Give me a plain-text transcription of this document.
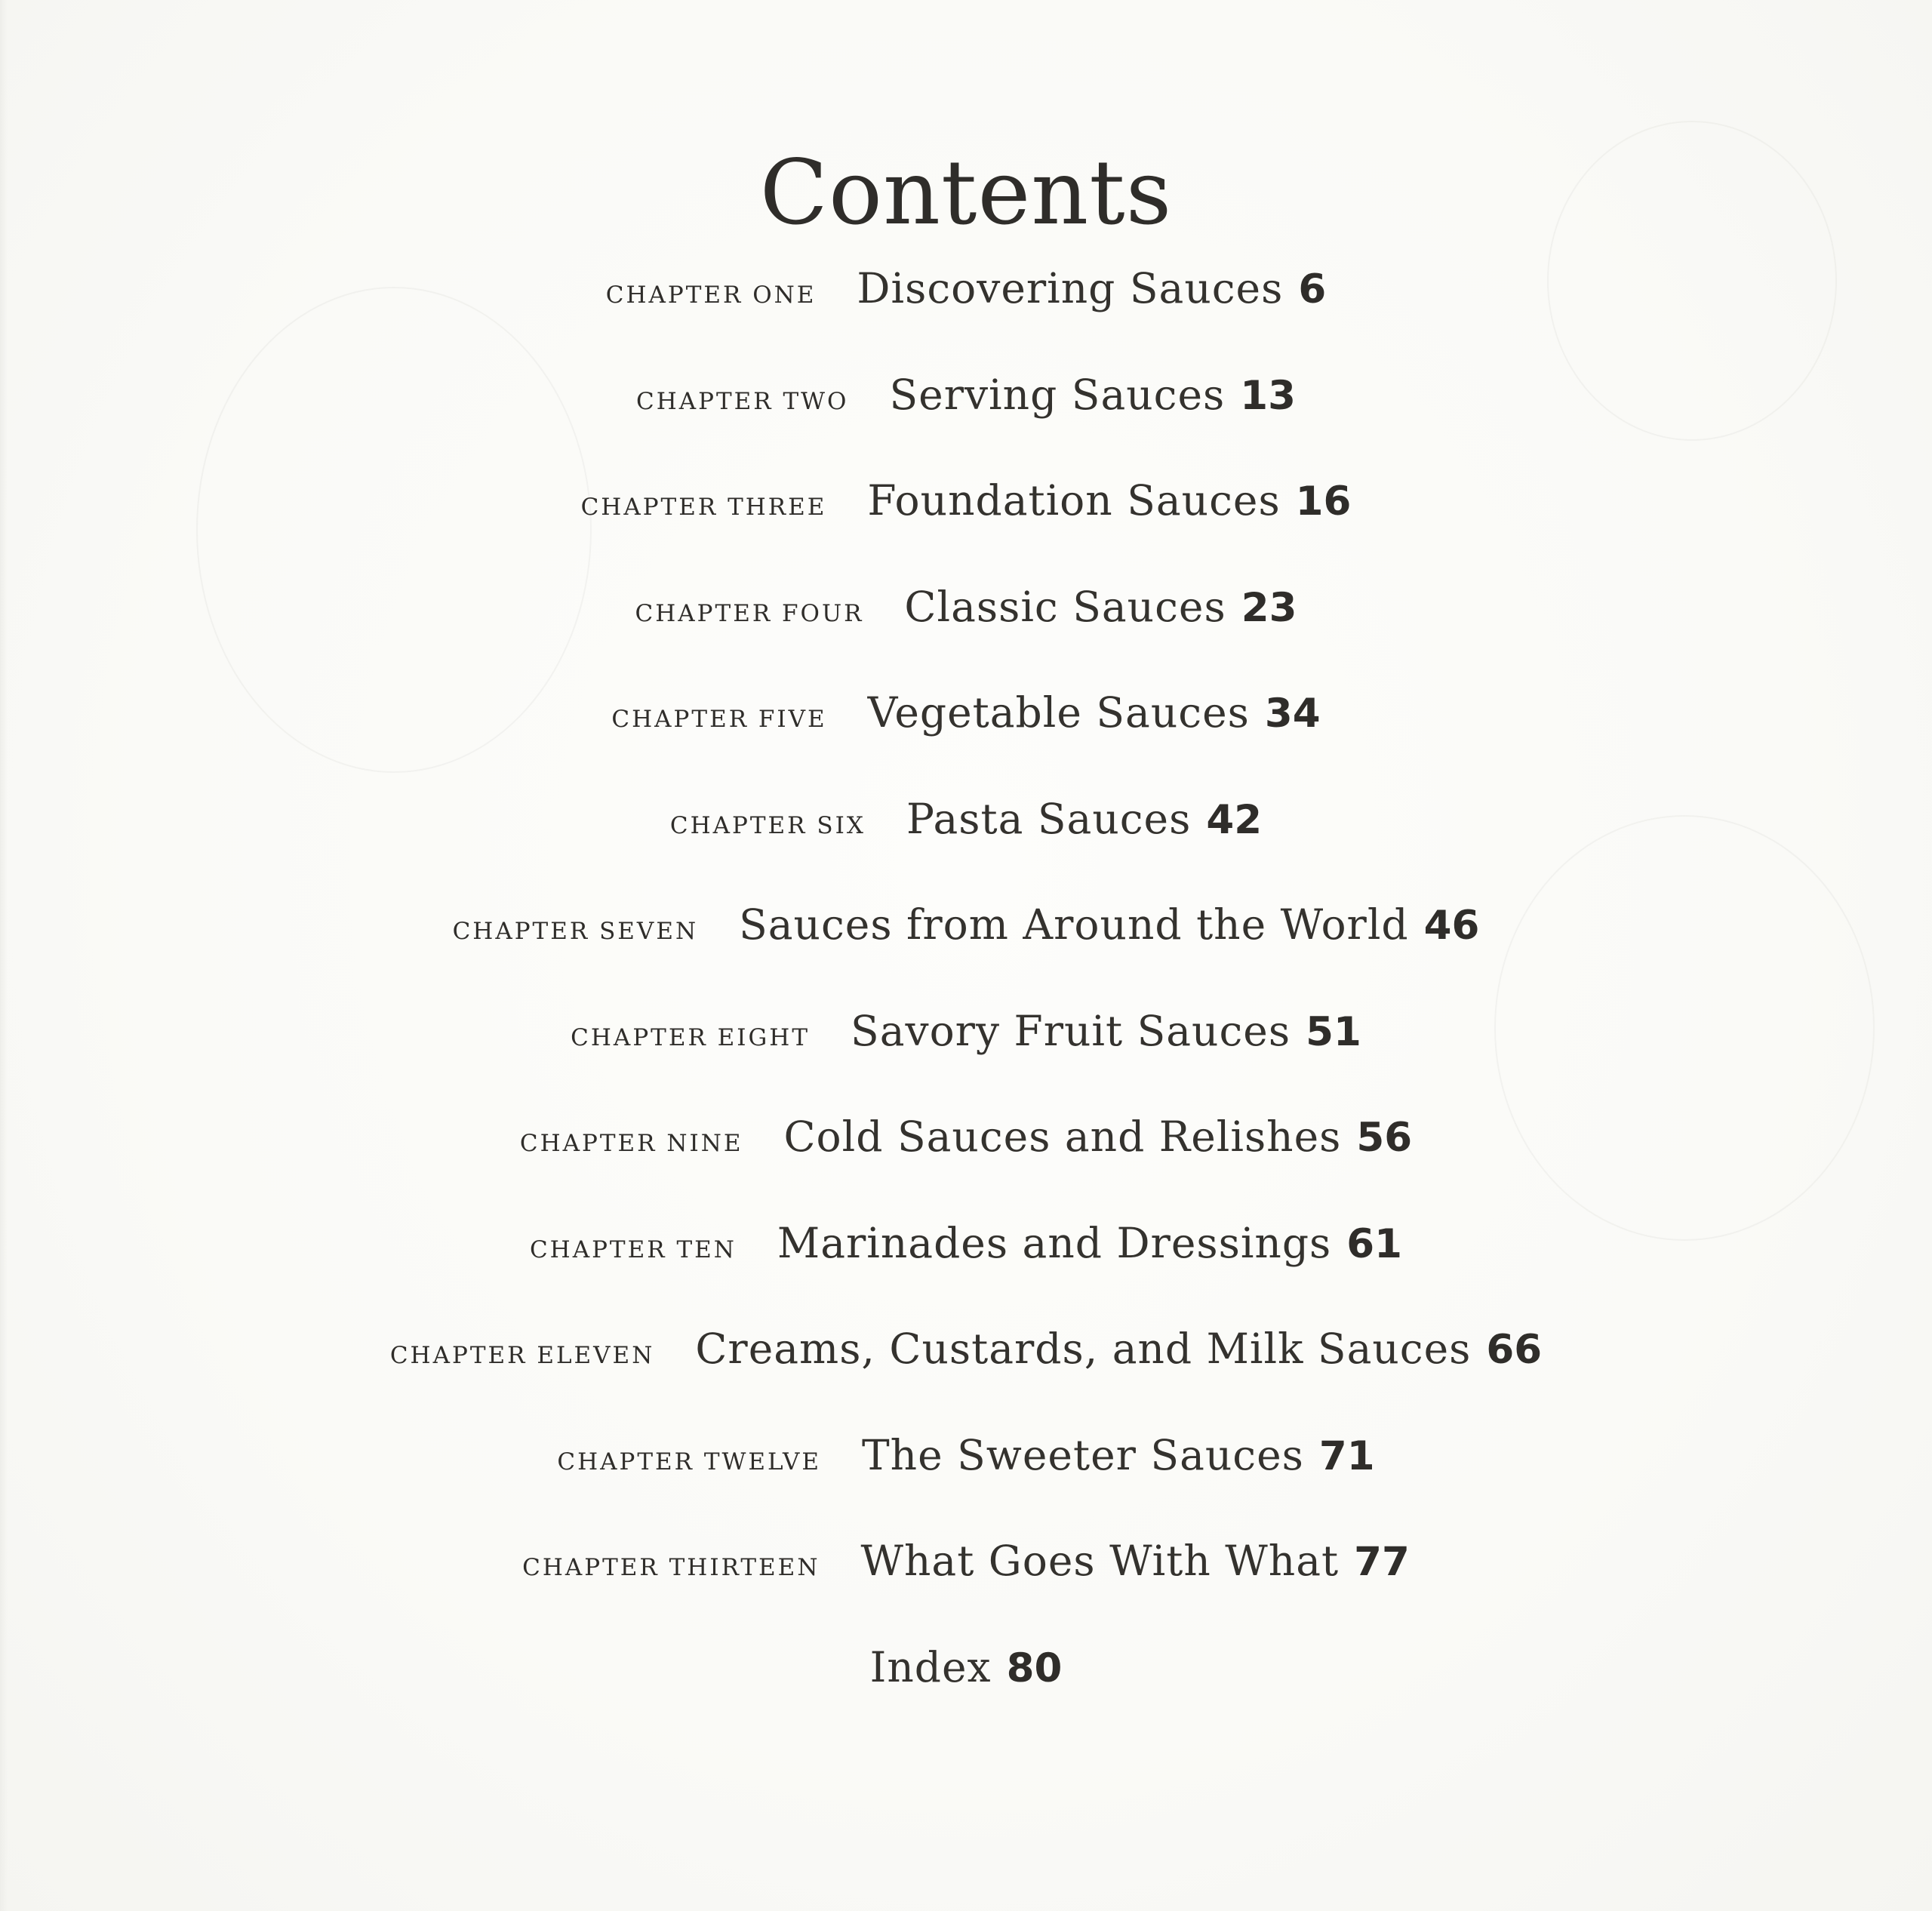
Contents
CHAPTER ONE Discovering Sauces 6
CHAPTER TWO Serving Sauces 13
CHAPTER THREE Foundation Sauces 16
CHAPTER FOUR Classic Sauces 23
CHAPTER FIVE Vegetable Sauces 34
CHAPTER SIX Pasta Sauces 42
CHAPTER SEVEN Sauces from Around the World 46
CHAPTER EIGHT Savory Fruit Sauces 51
CHAPTER NINE Cold Sauces and Relishes 56
CHAPTER TEN Marinades and Dressings 61
CHAPTER ELEVEN Creams, Custards, and Milk Sauces 66
CHAPTER TWELVE The Sweeter Sauces 71
CHAPTER THIRTEEN What Goes With What 77
Index 80
